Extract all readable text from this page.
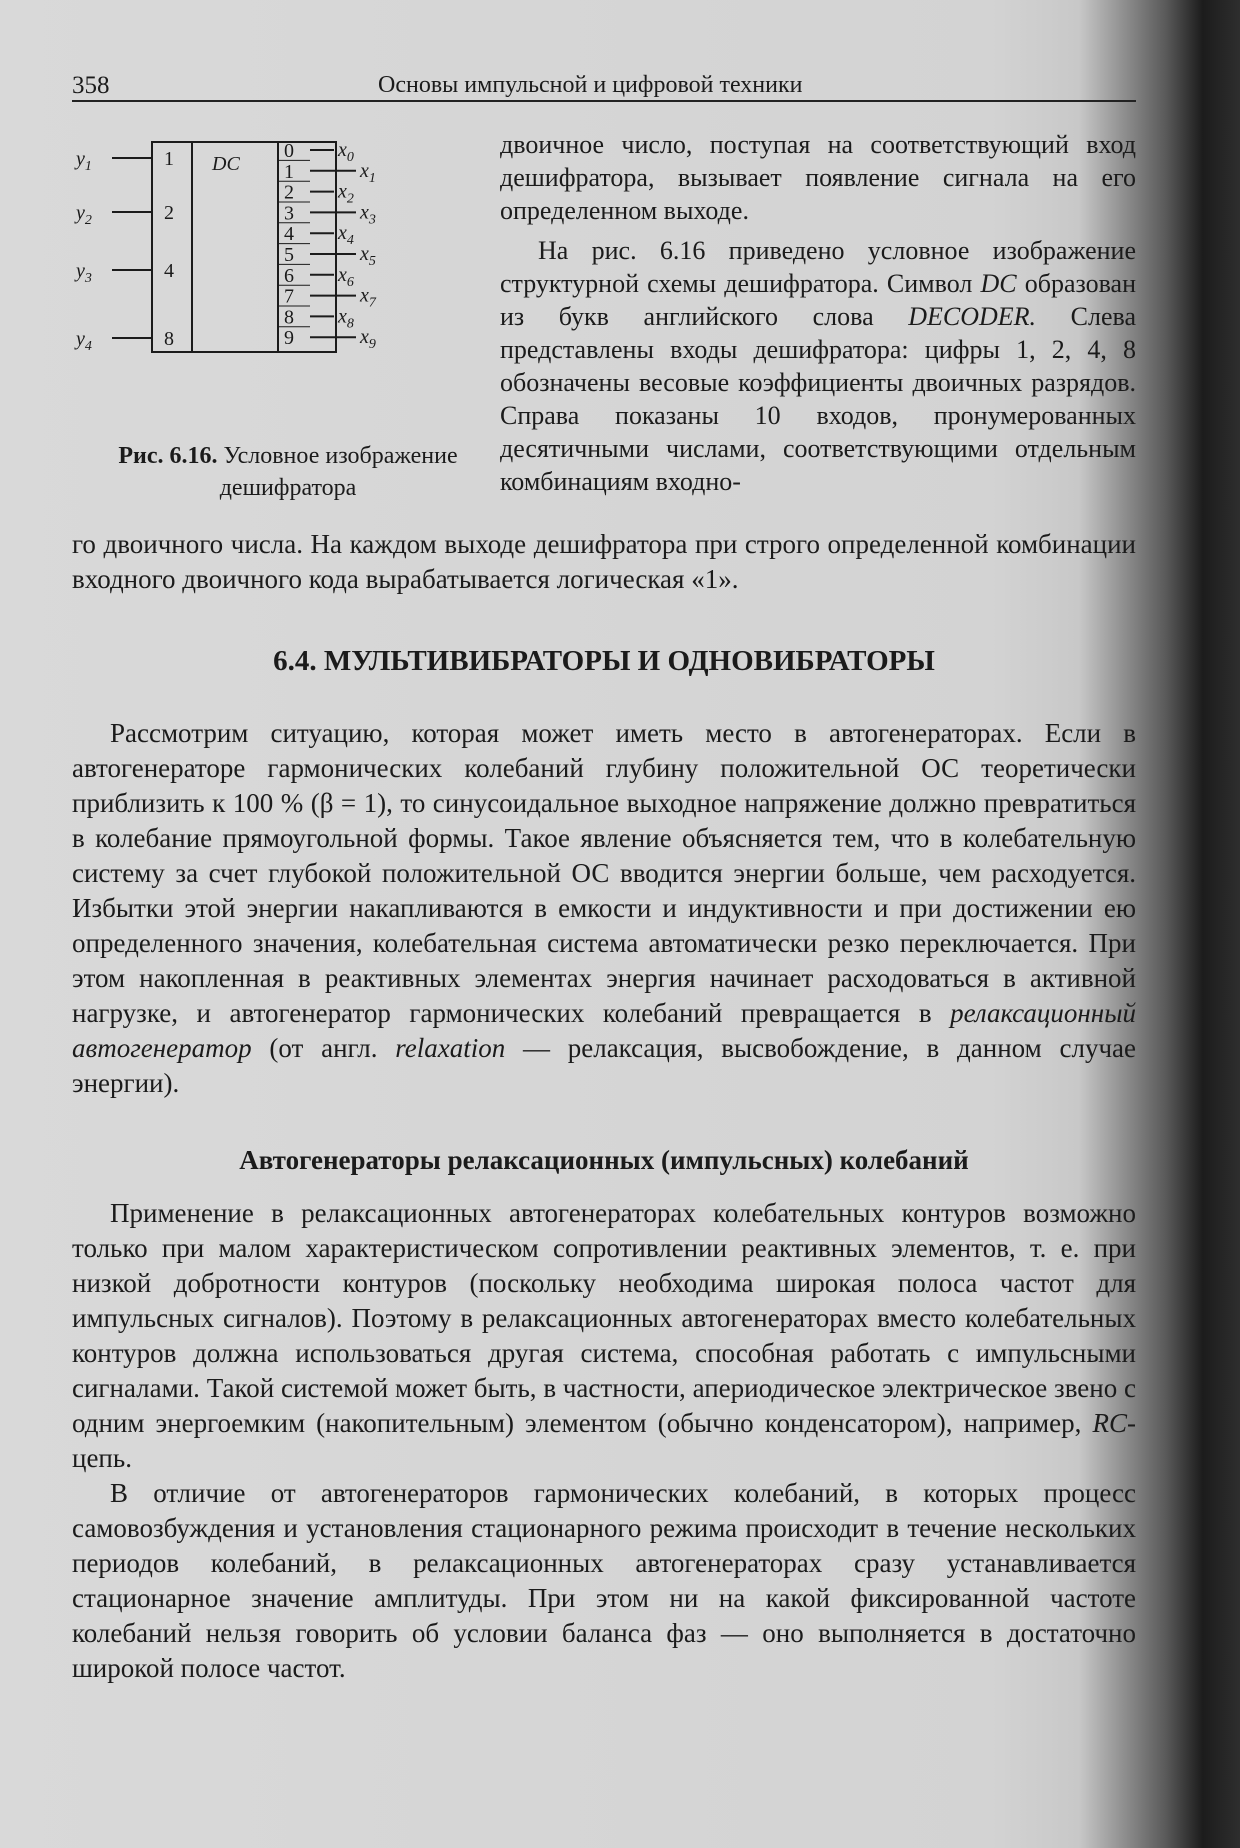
358	Основы импульсной и цифровой техники
DC
$y_1$	1
$y_2$	2
$y_3$	4
$y_4$	8
0 $x_0$
1	$x_1$
2 $x_2$
3	$x_3$
4 $x_4$
5	$x_5$
6 $x_6$
7	$x_7$
8 $x_8$
9	$x_9$
Рис. 6.16. Условное изображение дешифратора

двоичное число, поступая на соответствующий вход дешифратора, вызывает появление сигнала на его определенном выходе.

На рис. 6.16 приведено условное изображение структурной схемы дешифратора. Символ DC образован из букв английского слова DECODER. Слева представлены входы дешифратора: цифры 1, 2, 4, 8 обозначены весовые коэффициенты двоичных разрядов. Справа показаны 10 входов, пронумерованных десятичными числами, соответствующими отдельным комбинациям входно-

го двоичного числа. На каждом выходе дешифратора при строго определенной комбинации входного двоичного кода вырабатывается логическая «1».

6.4. МУЛЬТИВИБРАТОРЫ И ОДНОВИБРАТОРЫ

Рассмотрим ситуацию, которая может иметь место в автогенераторах. Если в автогенераторе гармонических колебаний глубину положительной ОС теоретически приблизить к 100 % (β = 1), то синусоидальное выходное напряжение должно превратиться в колебание прямоугольной формы. Такое явление объясняется тем, что в колебательную систему за счет глубокой положительной ОС вводится энергии больше, чем расходуется. Избытки этой энергии накапливаются в емкости и индуктивности и при достижении ею определенного значения, колебательная система автоматически резко переключается. При этом накопленная в реактивных элементах энергия начинает расходоваться в активной нагрузке, и автогенератор гармонических колебаний превращается в релаксационный автогенератор (от англ. relaxation — релаксация, высвобождение, в данном случае энергии).

Автогенераторы релаксационных (импульсных) колебаний

Применение в релаксационных автогенераторах колебательных контуров возможно только при малом характеристическом сопротивлении реактивных элементов, т. е. при низкой добротности контуров (поскольку необходима широкая полоса частот для импульсных сигналов). Поэтому в релаксационных автогенераторах вместо колебательных контуров должна использоваться другая система, способная работать с импульсными сигналами. Такой системой может быть, в частности, апериодическое электрическое звено с одним энергоемким (накопительным) элементом (обычно конденсатором), например, RC-цепь.

В отличие от автогенераторов гармонических колебаний, в которых процесс самовозбуждения и установления стационарного режима происходит в течение нескольких периодов колебаний, в релаксационных автогенераторах сразу устанавливается стационарное значение амплитуды. При этом ни на какой фиксированной частоте колебаний нельзя говорить об условии баланса фаз — оно выполняется в достаточно широкой полосе частот.
